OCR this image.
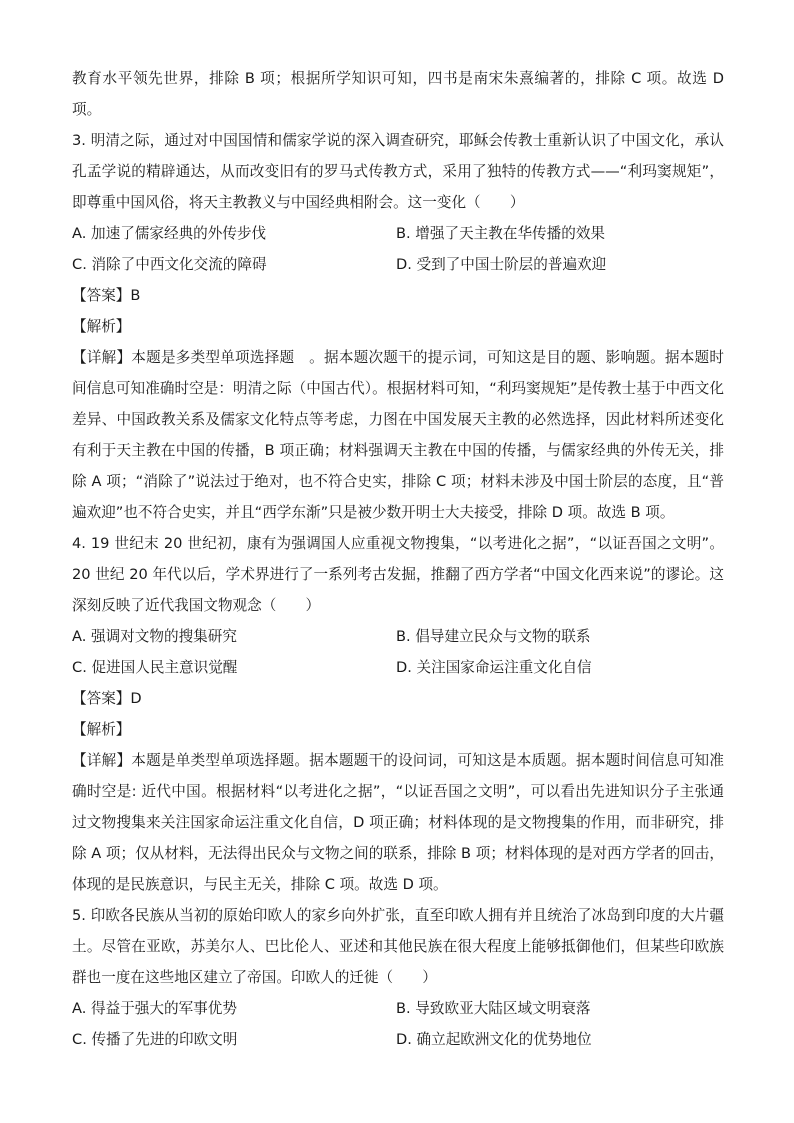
教育水平领先世界，排除 B 项；根据所学知识可知，四书是南宋朱熹编著的，排除 C 项。故选 D 项。
3. 明清之际，通过对中国国情和儒家学说的深入调查研究，耶稣会传教士重新认识了中国文化，承认孔孟学说的精辟通达，从而改变旧有的罗马式传教方式，采用了独特的传教方式——“利玛窦规矩”，即尊重中国风俗，将天主教教义与中国经典相附会。这一变化（　　）
A. 加速了儒家经典的外传步伐	B. 增强了天主教在华传播的效果
C. 消除了中西文化交流的障碍	D. 受到了中国士阶层的普遍欢迎
【答案】B
【解析】
【详解】本题是多类型单项选择题　。据本题次题干的提示词，可知这是目的题、影响题。据本题时间信息可知准确时空是：明清之际（中国古代）。根据材料可知，“利玛窦规矩”是传教士基于中西文化差异、中国政教关系及儒家文化特点等考虑，力图在中国发展天主教的必然选择，因此材料所述变化有利于天主教在中国的传播，B 项正确；材料强调天主教在中国的传播，与儒家经典的外传无关，排除 A 项；“消除了”说法过于绝对，也不符合史实，排除 C 项；材料未涉及中国士阶层的态度，且“普遍欢迎”也不符合史实，并且“西学东渐”只是被少数开明士大夫接受，排除 D 项。故选 B 项。
4. 19 世纪末 20 世纪初，康有为强调国人应重视文物搜集，“以考进化之据”，“以证吾国之文明”。20 世纪 20 年代以后，学术界进行了一系列考古发掘，推翻了西方学者“中国文化西来说”的谬论。这深刻反映了近代我国文物观念（　　）
A. 强调对文物的搜集研究	B. 倡导建立民众与文物的联系
C. 促进国人民主意识觉醒	D. 关注国家命运注重文化自信
【答案】D
【解析】
【详解】本题是单类型单项选择题。据本题题干的设问词，可知这是本质题。据本题时间信息可知准确时空是: 近代中国。根据材料“以考进化之据”，“以证吾国之文明”，可以看出先进知识分子主张通过文物搜集来关注国家命运注重文化自信，D 项正确；材料体现的是文物搜集的作用，而非研究，排除 A 项；仅从材料，无法得出民众与文物之间的联系，排除 B 项；材料体现的是对西方学者的回击，体现的是民族意识，与民主无关，排除 C 项。故选 D 项。
5. 印欧各民族从当初的原始印欧人的家乡向外扩张，直至印欧人拥有并且统治了冰岛到印度的大片疆土。尽管在亚欧，苏美尔人、巴比伦人、亚述和其他民族在很大程度上能够抵御他们，但某些印欧族群也一度在这些地区建立了帝国。印欧人的迁徙（　　）
A. 得益于强大的军事优势	B. 导致欧亚大陆区域文明衰落
C. 传播了先进的印欧文明	D. 确立起欧洲文化的优势地位
